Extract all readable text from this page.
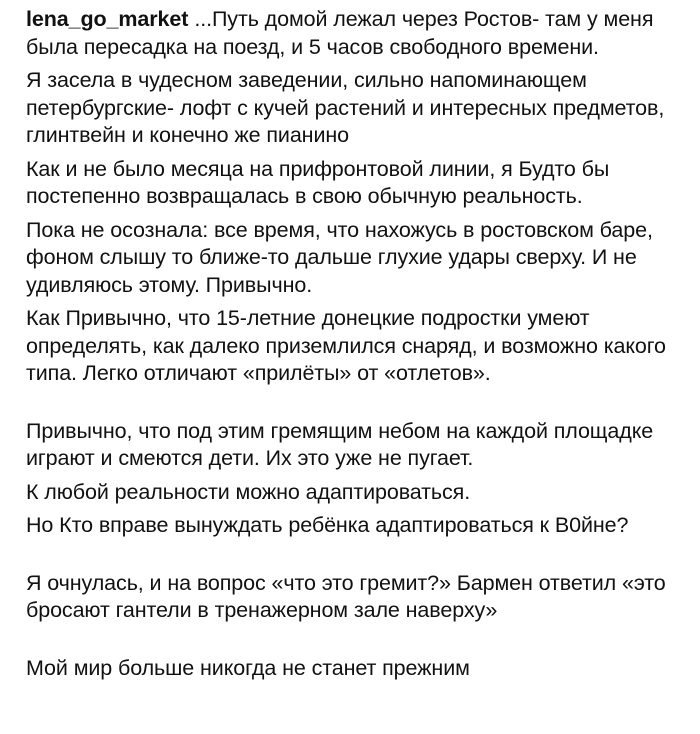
lena_go_market ...Путь домой лежал через Ростов- там у меня была пересадка на поезд, и 5 часов свободного времени.

Я засела в чудесном заведении, сильно напоминающем петербургские- лофт с кучей растений и интересных предметов, глинтвейн и конечно же пианино

Как и не было месяца на прифронтовой линии, я Будто бы постепенно возвращалась в свою обычную реальность.

Пока не осознала: все время, что нахожусь в ростовском баре, фоном слышу то ближе-то дальше глухие удары сверху. И не удивляюсь этому. Привычно.

Как Привычно, что 15-летние донецкие подростки умеют определять, как далеко приземлился снаряд, и возможно какого типа. Легко отличают «прилёты» от «отлетов».

Привычно, что под этим гремящим небом на каждой площадке играют и смеются дети. Их это уже не пугает.

К любой реальности можно адаптироваться.

Но Кто вправе вынуждать ребёнка адаптироваться к В0йне?

Я очнулась, и на вопрос «что это гремит?» Бармен ответил «это бросают гантели в тренажерном зале наверху»

Мой мир больше никогда не станет прежним
